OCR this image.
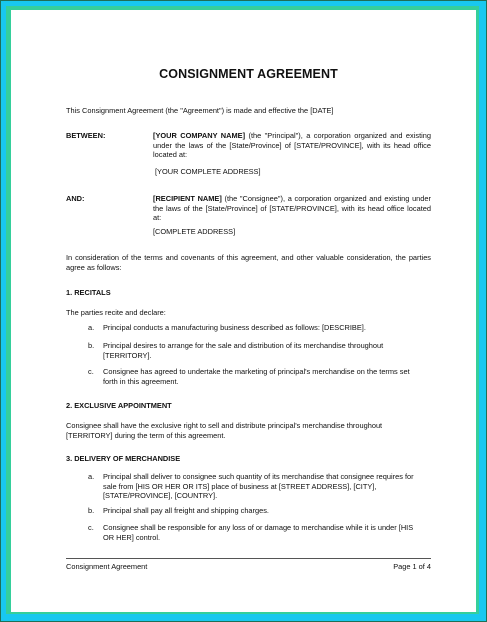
CONSIGNMENT AGREEMENT
This Consignment Agreement (the "Agreement") is made and effective the [DATE]
BETWEEN:	[YOUR COMPANY NAME] (the "Principal"), a corporation organized and existing under the laws of the [State/Province] of [STATE/PROVINCE], with its head office located at:
[YOUR COMPLETE ADDRESS]
AND:	[RECIPIENT NAME] (the "Consignee"), a corporation organized and existing under the laws of the [State/Province] of [STATE/PROVINCE], with its head office located at:
[COMPLETE ADDRESS]
In consideration of the terms and covenants of this agreement, and other valuable consideration, the parties agree as follows:
1. RECITALS
The parties recite and declare:
a. Principal conducts a manufacturing business described as follows: [DESCRIBE].
b. Principal desires to arrange for the sale and distribution of its merchandise throughout [TERRITORY].
c. Consignee has agreed to undertake the marketing of principal's merchandise on the terms set forth in this agreement.
2. EXCLUSIVE APPOINTMENT
Consignee shall have the exclusive right to sell and distribute principal's merchandise throughout [TERRITORY] during the term of this agreement.
3. DELIVERY OF MERCHANDISE
a. Principal shall deliver to consignee such quantity of its merchandise that consignee requires for sale from [HIS OR HER OR ITS] place of business at [STREET ADDRESS], [CITY], [STATE/PROVINCE], [COUNTRY].
b. Principal shall pay all freight and shipping charges.
c. Consignee shall be responsible for any loss of or damage to merchandise while it is under [HIS OR HER] control.
Consignment Agreement	Page 1 of 4
